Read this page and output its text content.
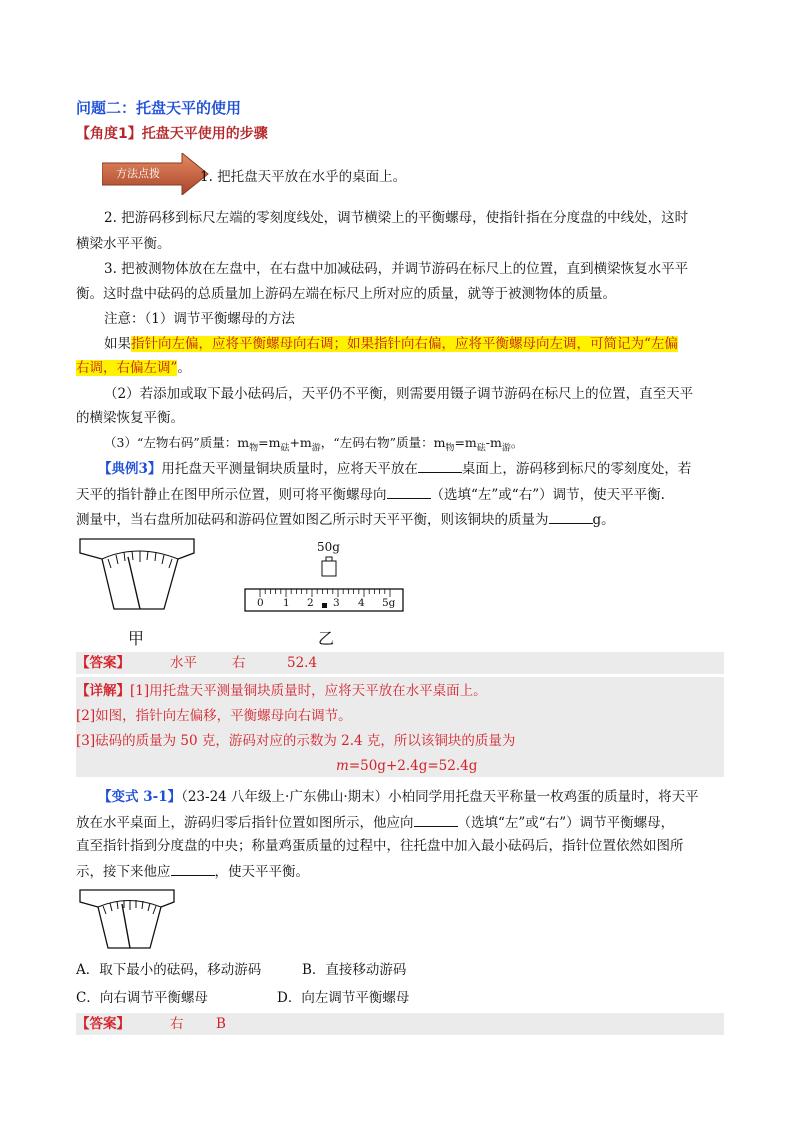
问题二：托盘天平的使用
【角度1】托盘天平使用的步骤
方法点拨	1. 把托盘天平放在水乎的桌面上。
2. 把游码移到标尺左端的零刻度线处，调节横梁上的平衡螺母，使指针指在分度盘的中线处，这时
横梁水平平衡。
3. 把被测物体放在左盘中，在右盘中加减砝码，并调节游码在标尺上的位置，直到横梁恢复水平平
衡。这时盘中砝码的总质量加上游码左端在标尺上所对应的质量，就等于被测物体的质量。
注意：（1）调节平衡螺母的方法
如果指针向左偏，应将平衡螺母向右调；如果指针向右偏，应将平衡螺母向左调，可简记为“左偏
右调，右偏左调”。
（2）若添加或取下最小砝码后，天平仍不平衡，则需要用镊子调节游码在标尺上的位置，直至天平
的横梁恢复平衡。
（3）“左物右码”质量：$m_物=m_砝+m_游$，“左码右物”质量：$m_物=m_砝-m_游$。
【典例3】用托盘天平测量铜块质量时，应将天平放在	桌面上，游码移到标尺的零刻度处，若
天平的指针静止在图甲所示位置，则可将平衡螺母向	（选填“左”或“右”）调节，使天平平衡.
测量中，当右盘所加砝码和游码位置如图乙所示时天平平衡，则该铜块的质量为	g。
50g
0 1 2 3 4 5g
甲	乙
【答案】	水平	右	52.4
【详解】[1]用托盘天平测量铜块质量时，应将天平放在水平桌面上。
[2]如图，指针向左偏移，平衡螺母向右调节。
[3]砝码的质量为 50 克，游码对应的示数为 2.4 克，所以该铜块的质量为
m=50g+2.4g=52.4g
【变式 3-1】（23-24 八年级上·广东佛山·期末）小柏同学用托盘天平称量一枚鸡蛋的质量时，将天平
放在水平桌面上，游码归零后指针位置如图所示，他应向	（选填“左”或“右”）调节平衡螺母，
直至指针指到分度盘的中央；称量鸡蛋质量的过程中，往托盘中加入最小砝码后，指针位置依然如图所
示，接下来他应	，使天平平衡。
A．取下最小的砝码，移动游码	B．直接移动游码
C．向右调节平衡螺母	D．向左调节平衡螺母
【答案】	右 B
